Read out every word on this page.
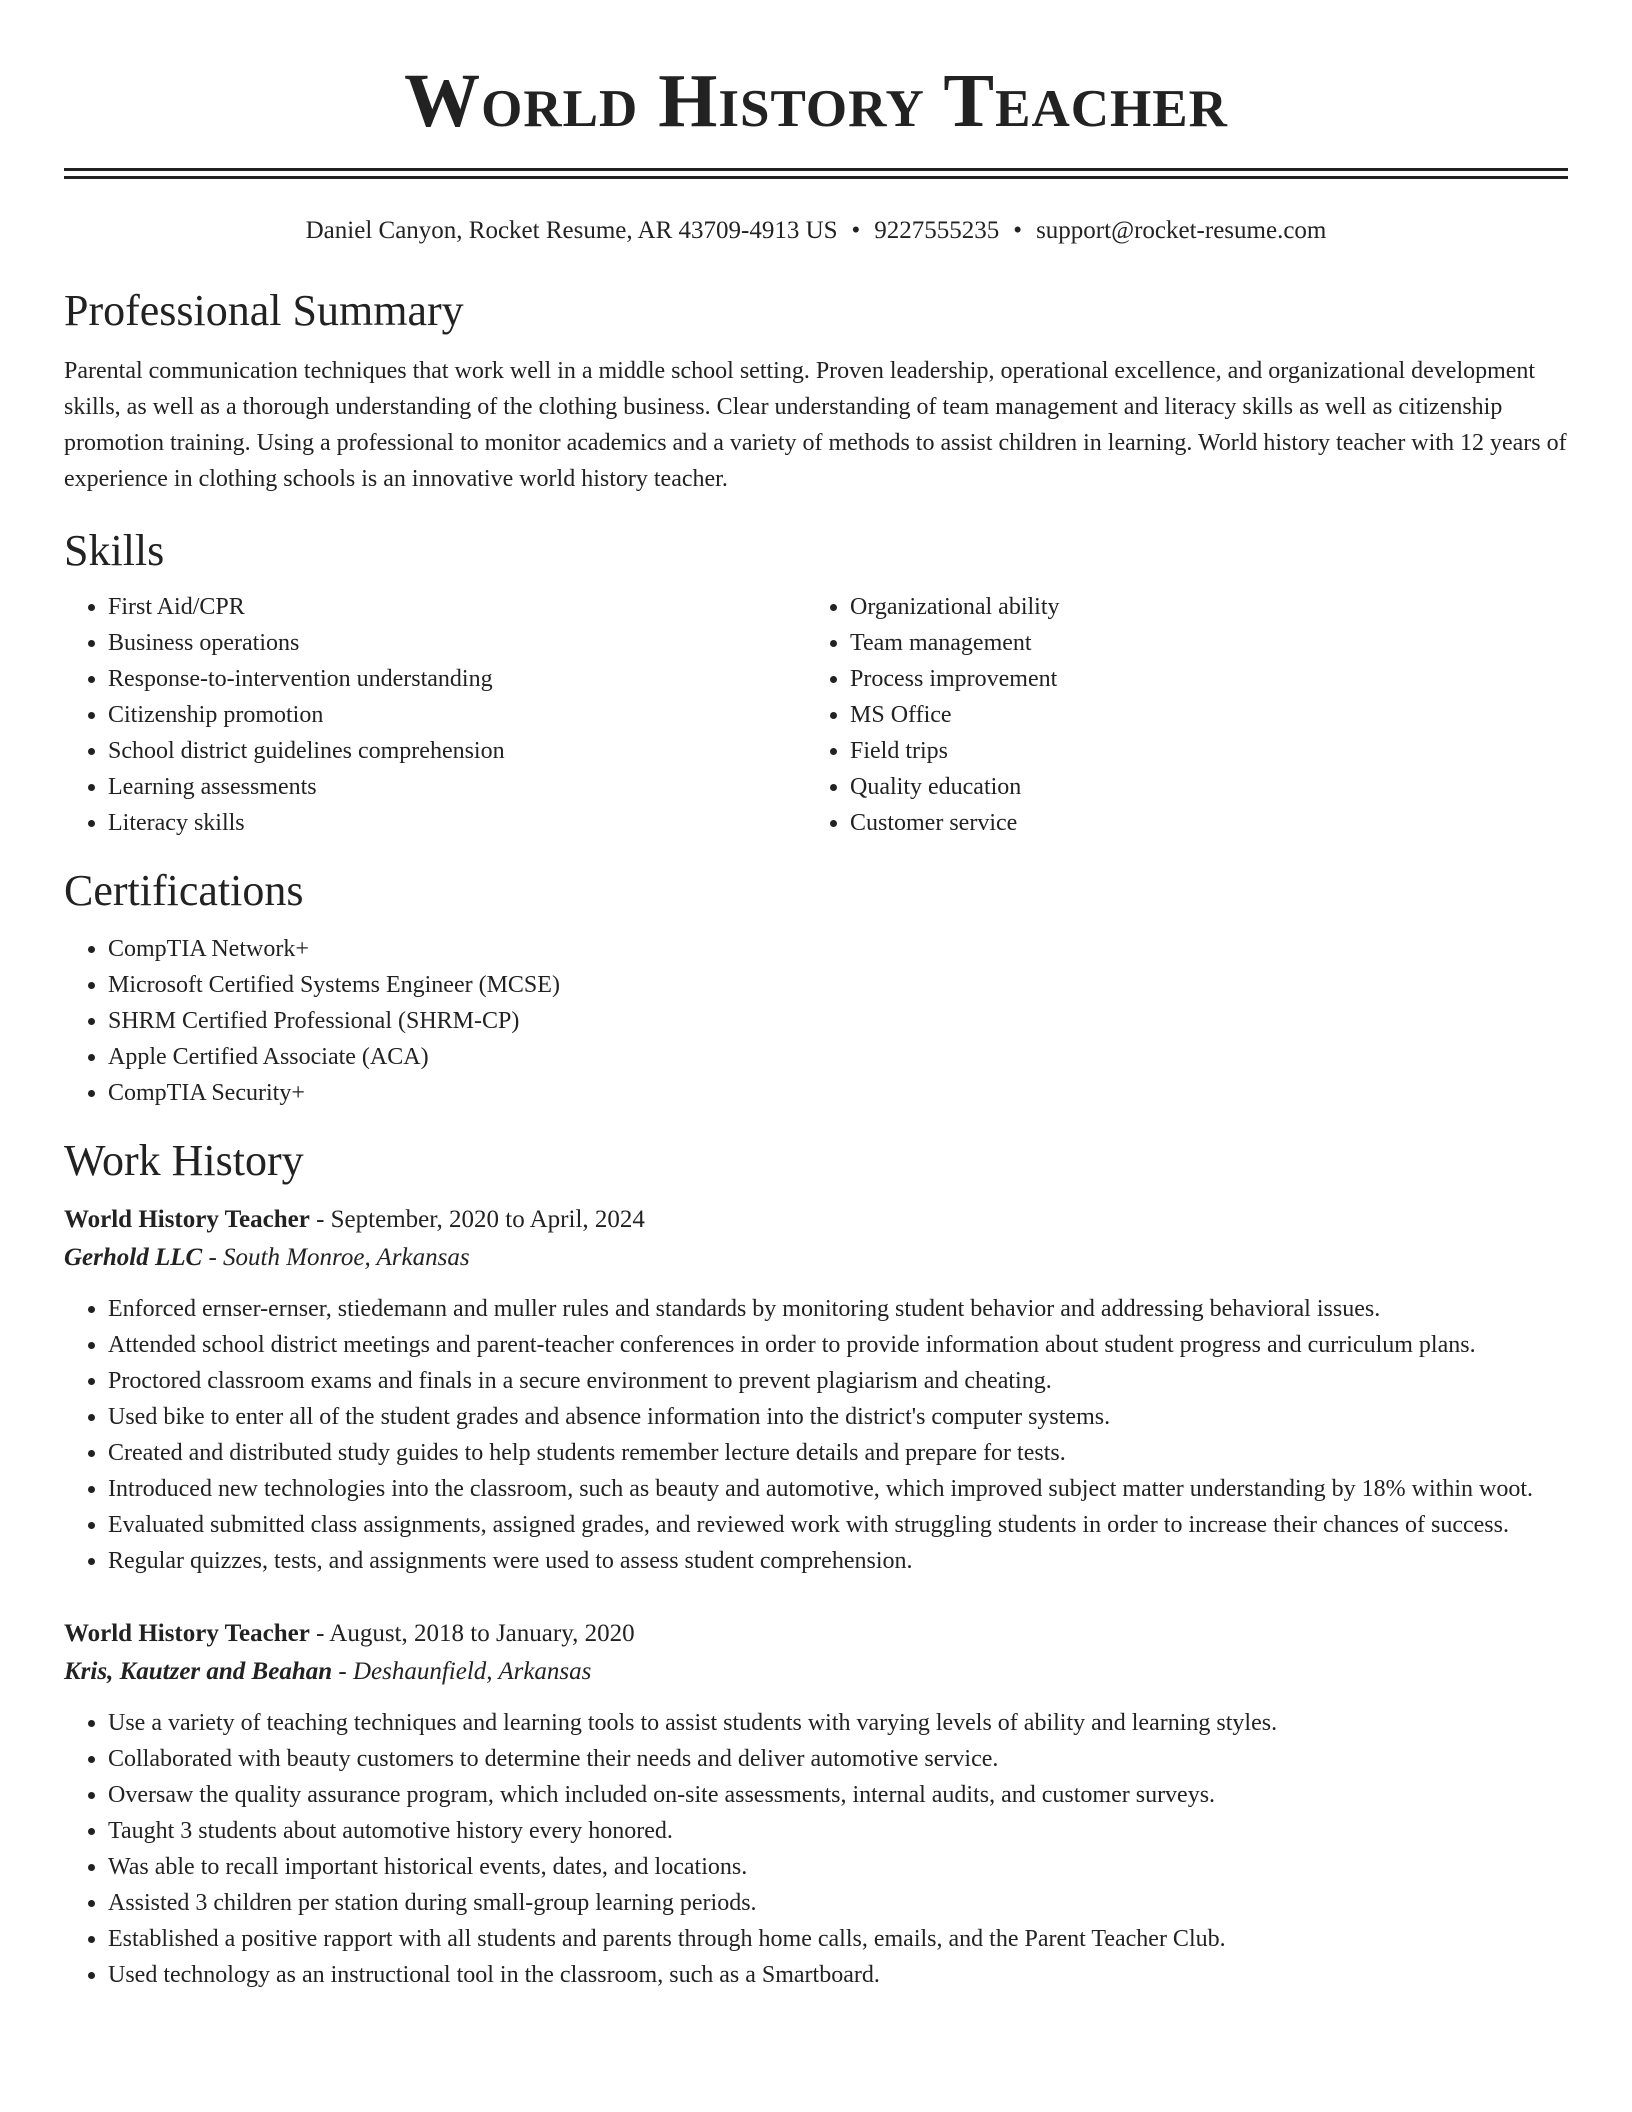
World History Teacher
Daniel Canyon, Rocket Resume, AR 43709-4913 US • 9227555235 • support@rocket-resume.com
Professional Summary

Parental communication techniques that work well in a middle school setting. Proven leadership, operational excellence, and organizational development skills, as well as a thorough understanding of the clothing business. Clear understanding of team management and literacy skills as well as citizenship promotion training. Using a professional to monitor academics and a variety of methods to assist children in learning. World history teacher with 12 years of experience in clothing schools is an innovative world history teacher.

Skills
• First Aid/CPR
• Business operations
• Response-to-intervention understanding
• Citizenship promotion
• School district guidelines comprehension
• Learning assessments
• Literacy skills
• Organizational ability
• Team management
• Process improvement
• MS Office
• Field trips
• Quality education
• Customer service
Certifications
• CompTIA Network+
• Microsoft Certified Systems Engineer (MCSE)
• SHRM Certified Professional (SHRM-CP)
• Apple Certified Associate (ACA)
• CompTIA Security+
Work History
World History Teacher - September, 2020 to April, 2024
Gerhold LLC - South Monroe, Arkansas
• Enforced ernser-ernser, stiedemann and muller rules and standards by monitoring student behavior and addressing behavioral issues.
• Attended school district meetings and parent-teacher conferences in order to provide information about student progress and curriculum plans.
• Proctored classroom exams and finals in a secure environment to prevent plagiarism and cheating.
• Used bike to enter all of the student grades and absence information into the district's computer systems.
• Created and distributed study guides to help students remember lecture details and prepare for tests.
• Introduced new technologies into the classroom, such as beauty and automotive, which improved subject matter understanding by 18% within woot.
• Evaluated submitted class assignments, assigned grades, and reviewed work with struggling students in order to increase their chances of success.
• Regular quizzes, tests, and assignments were used to assess student comprehension.
World History Teacher - August, 2018 to January, 2020
Kris, Kautzer and Beahan - Deshaunfield, Arkansas
• Use a variety of teaching techniques and learning tools to assist students with varying levels of ability and learning styles.
• Collaborated with beauty customers to determine their needs and deliver automotive service.
• Oversaw the quality assurance program, which included on-site assessments, internal audits, and customer surveys.
• Taught 3 students about automotive history every honored.
• Was able to recall important historical events, dates, and locations.
• Assisted 3 children per station during small-group learning periods.
• Established a positive rapport with all students and parents through home calls, emails, and the Parent Teacher Club.
• Used technology as an instructional tool in the classroom, such as a Smartboard.
